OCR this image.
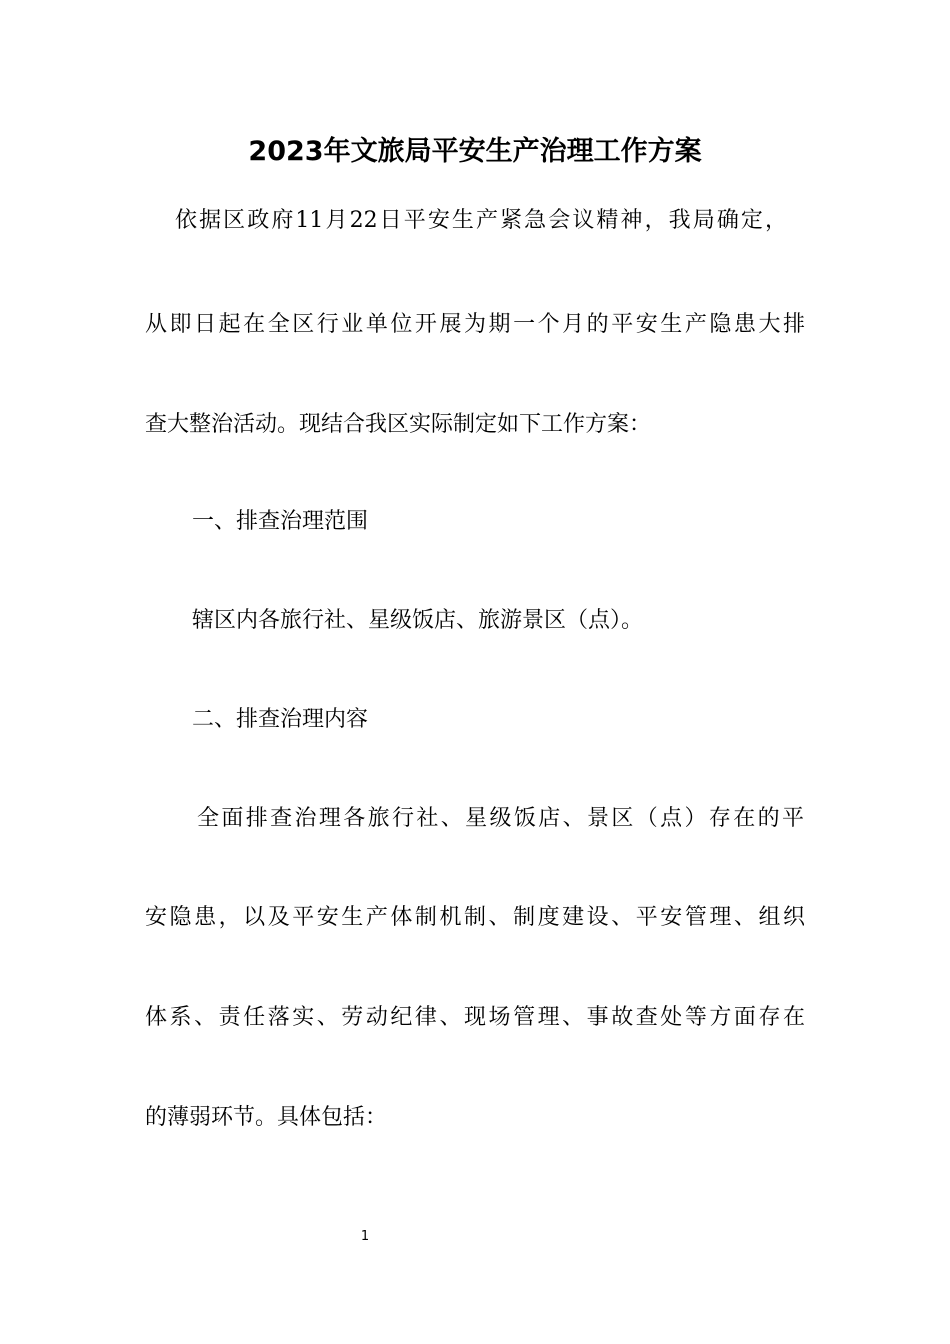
2023年文旅局平安生产治理工作方案

依据区政府11月22日平安生产紧急会议精神，我局确定，

从即日起在全区行业单位开展为期一个月的平安生产隐患大排

查大整治活动。现结合我区实际制定如下工作方案：

一、排查治理范围

辖区内各旅行社、星级饭店、旅游景区（点）。

二、排查治理内容

全面排查治理各旅行社、星级饭店、景区（点）存在的平

安隐患，以及平安生产体制机制、制度建设、平安管理、组织

体系、责任落实、劳动纪律、现场管理、事故查处等方面存在

的薄弱环节。具体包括：

1
